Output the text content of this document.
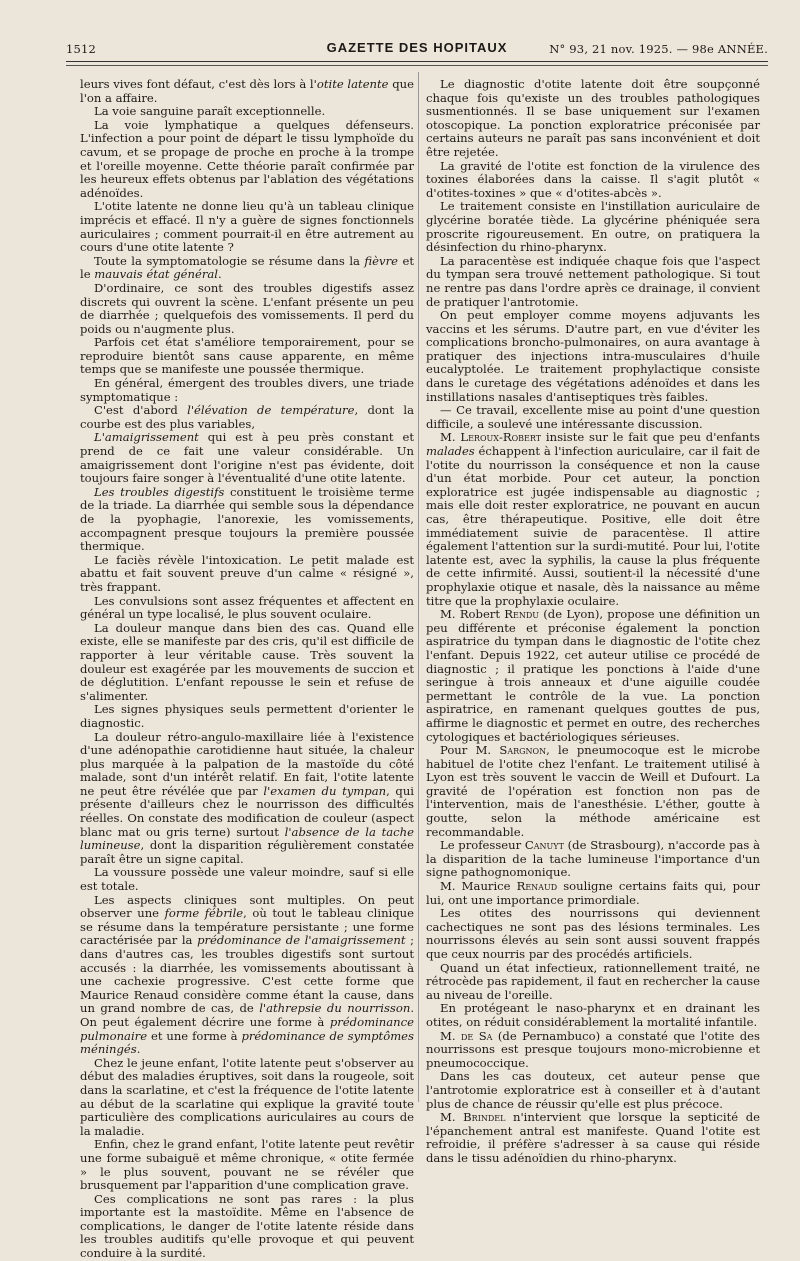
1512	GAZETTE DES HOPITAUX	N° 93, 21 nov. 1925. — 98e ANNÉE.

leurs vives font défaut, c'est dès lors à l'otite latente que l'on a affaire.

La voie sanguine paraît exceptionnelle.

La voie lymphatique a quelques défenseurs. L'infection a pour point de départ le tissu lymphoïde du cavum, et se propage de proche en proche à la trompe et l'oreille moyenne. Cette théorie paraît confirmée par les heureux effets obtenus par l'ablation des végétations adénoïdes.

L'otite latente ne donne lieu qu'à un tableau clinique imprécis et effacé. Il n'y a guère de signes fonctionnels auriculaires ; comment pourrait-il en être autrement au cours d'une otite latente ?

Toute la symptomatologie se résume dans la fièvre et le mauvais état général.

D'ordinaire, ce sont des troubles digestifs assez discrets qui ouvrent la scène. L'enfant présente un peu de diarrhée ; quelquefois des vomissements. Il perd du poids ou n'augmente plus.

Parfois cet état s'améliore temporairement, pour se reproduire bientôt sans cause apparente, en même temps que se manifeste une poussée thermique.

En général, émergent des troubles divers, une triade symptomatique :

C'est d'abord l'élévation de température, dont la courbe est des plus variables,

L'amaigrissement qui est à peu près constant et prend de ce fait une valeur considérable. Un amaigrissement dont l'origine n'est pas évidente, doit toujours faire songer à l'éventualité d'une otite latente.

Les troubles digestifs constituent le troisième terme de la triade. La diarrhée qui semble sous la dépendance de la pyophagie, l'anorexie, les vomissements, accompagnent presque toujours la première poussée thermique.

Le faciès révèle l'intoxication. Le petit malade est abattu et fait souvent preuve d'un calme « résigné », très frappant.

Les convulsions sont assez fréquentes et affectent en général un type localisé, le plus souvent oculaire.

La douleur manque dans bien des cas. Quand elle existe, elle se manifeste par des cris, qu'il est difficile de rapporter à leur véritable cause. Très souvent la douleur est exagérée par les mouvements de succion et de déglutition. L'enfant repousse le sein et refuse de s'alimenter.

Les signes physiques seuls permettent d'orienter le diagnostic.

La douleur rétro-angulo-maxillaire liée à l'existence d'une adénopathie carotidienne haut située, la chaleur plus marquée à la palpation de la mastoïde du côté malade, sont d'un intérêt relatif. En fait, l'otite latente ne peut être révélée que par l'examen du tympan, qui présente d'ailleurs chez le nourrisson des difficultés réelles. On constate des modification de couleur (aspect blanc mat ou gris terne) surtout l'absence de la tache lumineuse, dont la disparition régulièrement constatée paraît être un signe capital.

La voussure possède une valeur moindre, sauf si elle est totale.

Les aspects cliniques sont multiples. On peut observer une forme fébrile, où tout le tableau clinique se résume dans la température persistante ; une forme caractérisée par la prédominance de l'amaigrissement ; dans d'autres cas, les troubles digestifs sont surtout accusés : la diarrhée, les vomissements aboutissant à une cachexie progressive. C'est cette forme que Maurice Renaud considère comme étant la cause, dans un grand nombre de cas, de l'athrepsie du nourrisson. On peut également décrire une forme à prédominance pulmonaire et une forme à prédominance de symptômes méningés.

Chez le jeune enfant, l'otite latente peut s'observer au début des maladies éruptives, soit dans la rougeole, soit dans la scarlatine, et c'est la fréquence de l'otite latente au début de la scarlatine qui explique la gravité toute particulière des complications auriculaires au cours de la maladie.

Enfin, chez le grand enfant, l'otite latente peut revêtir une forme subaiguë et même chronique, « otite fermée » le plus souvent, pouvant ne se révéler que brusquement par l'apparition d'une complication grave.

Ces complications ne sont pas rares : la plus importante est la mastoïdite. Même en l'absence de complications, le danger de l'otite latente réside dans les troubles auditifs qu'elle provoque et qui peuvent conduire à la surdité.

Le diagnostic d'otite latente doit être soupçonné chaque fois qu'existe un des troubles pathologiques susmentionnés. Il se base uniquement sur l'examen otoscopique. La ponction exploratrice préconisée par certains auteurs ne paraît pas sans inconvénient et doit être rejetée.

La gravité de l'otite est fonction de la virulence des toxines élaborées dans la caisse. Il s'agit plutôt « d'otites-toxines » que « d'otites-abcès ».

Le traitement consiste en l'instillation auriculaire de glycérine boratée tiède. La glycérine phéniquée sera proscrite rigoureusement. En outre, on pratiquera la désinfection du rhino-pharynx.

La paracentèse est indiquée chaque fois que l'aspect du tympan sera trouvé nettement pathologique. Si tout ne rentre pas dans l'ordre après ce drainage, il convient de pratiquer l'antrotomie.

On peut employer comme moyens adjuvants les vaccins et les sérums. D'autre part, en vue d'éviter les complications broncho-pulmonaires, on aura avantage à pratiquer des injections intra-musculaires d'huile eucalyptolée. Le traitement prophylactique consiste dans le curetage des végétations adénoïdes et dans les instillations nasales d'antiseptiques très faibles.

— Ce travail, excellente mise au point d'une question difficile, a soulevé une intéressante discussion.

M. Leroux-Robert insiste sur le fait que peu d'enfants malades échappent à l'infection auriculaire, car il fait de l'otite du nourrisson la conséquence et non la cause d'un état morbide. Pour cet auteur, la ponction exploratrice est jugée indispensable au diagnostic ; mais elle doit rester exploratrice, ne pouvant en aucun cas, être thérapeutique. Positive, elle doit être immédiatement suivie de paracentèse. Il attire également l'attention sur la surdi-mutité. Pour lui, l'otite latente est, avec la syphilis, la cause la plus fréquente de cette infirmité. Aussi, soutient-il la nécessité d'une prophylaxie otique et nasale, dès la naissance au même titre que la prophylaxie oculaire.

M. Robert Rendu (de Lyon), propose une définition un peu différente et préconise également la ponction aspiratrice du tympan dans le diagnostic de l'otite chez l'enfant. Depuis 1922, cet auteur utilise ce procédé de diagnostic ; il pratique les ponctions à l'aide d'une seringue à trois anneaux et d'une aiguille coudée permettant le contrôle de la vue. La ponction aspiratrice, en ramenant quelques gouttes de pus, affirme le diagnostic et permet en outre, des recherches cytologiques et bactériologiques sérieuses.

Pour M. Sargnon, le pneumocoque est le microbe habituel de l'otite chez l'enfant. Le traitement utilisé à Lyon est très souvent le vaccin de Weill et Dufourt. La gravité de l'opération est fonction non pas de l'intervention, mais de l'anesthésie. L'éther, goutte à goutte, selon la méthode américaine est recommandable.

Le professeur Canuyt (de Strasbourg), n'accorde pas à la disparition de la tache lumineuse l'importance d'un signe pathognomonique.

M. Maurice Renaud souligne certains faits qui, pour lui, ont une importance primordiale.

Les otites des nourrissons qui deviennent cachectiques ne sont pas des lésions terminales. Les nourrissons élevés au sein sont aussi souvent frappés que ceux nourris par des procédés artificiels.

Quand un état infectieux, rationnellement traité, ne rétrocède pas rapidement, il faut en rechercher la cause au niveau de l'oreille.

En protégeant le naso-pharynx et en drainant les otites, on réduit considérablement la mortalité infantile.

M. de Sa (de Pernambuco) a constaté que l'otite des nourrissons est presque toujours mono-microbienne et pneumococcique.

Dans les cas douteux, cet auteur pense que l'antrotomie exploratrice est à conseiller et à d'autant plus de chance de réussir qu'elle est plus précoce.

M. Brindel n'intervient que lorsque la septicité de l'épanchement antral est manifeste. Quand l'otite est refroidie, il préfère s'adresser à sa cause qui réside dans le tissu adénoïdien du rhino-pharynx.
